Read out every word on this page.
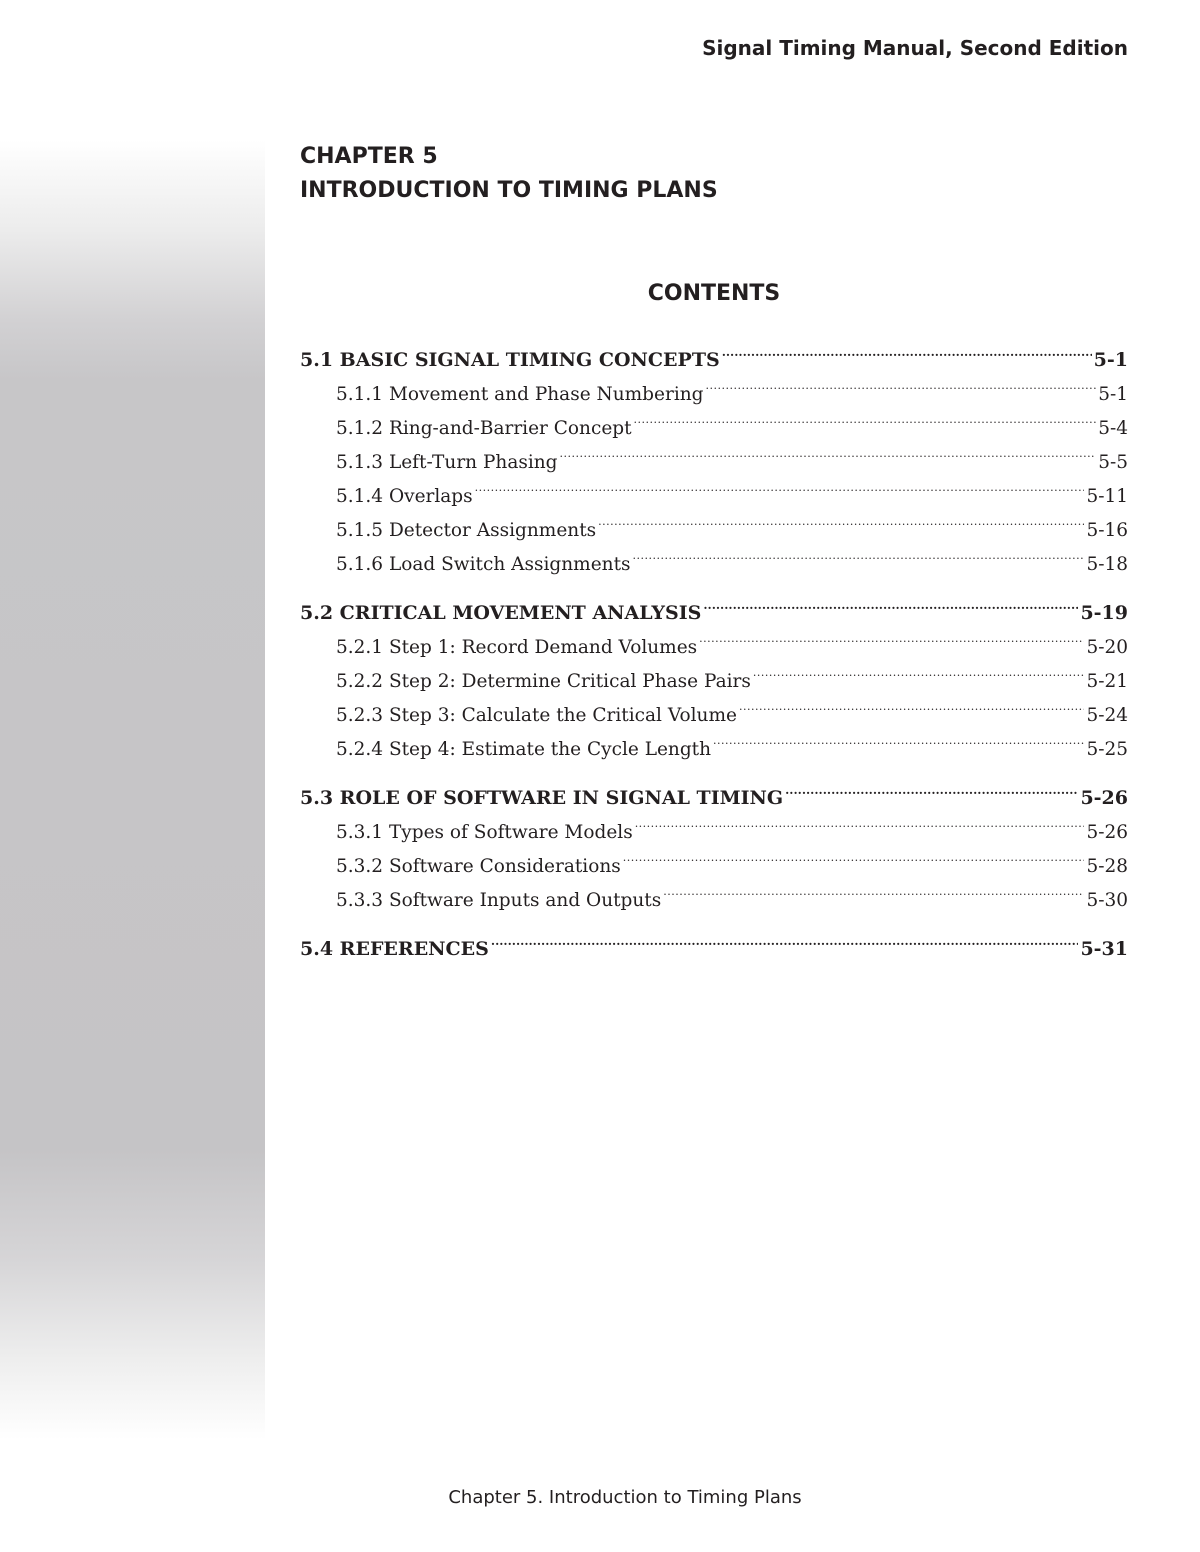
Signal Timing Manual, Second Edition
CHAPTER 5
INTRODUCTION TO TIMING PLANS
CONTENTS
5.1 BASIC SIGNAL TIMING CONCEPTS .....	5-1
5.1.1 Movement and Phase Numbering .....	5-1
5.1.2 Ring-and-Barrier Concept .....	5-4
5.1.3 Left-Turn Phasing .....	5-5
5.1.4 Overlaps .....	5-11
5.1.5 Detector Assignments .....	5-16
5.1.6 Load Switch Assignments .....	5-18
5.2 CRITICAL MOVEMENT ANALYSIS .....	5-19
5.2.1 Step 1: Record Demand Volumes .....	5-20
5.2.2 Step 2: Determine Critical Phase Pairs .....	5-21
5.2.3 Step 3: Calculate the Critical Volume .....	5-24
5.2.4 Step 4: Estimate the Cycle Length .....	5-25
5.3 ROLE OF SOFTWARE IN SIGNAL TIMING .....	5-26
5.3.1 Types of Software Models .....	5-26
5.3.2 Software Considerations .....	5-28
5.3.3 Software Inputs and Outputs .....	5-30
5.4 REFERENCES .....	5-31
Chapter 5. Introduction to Timing Plans
